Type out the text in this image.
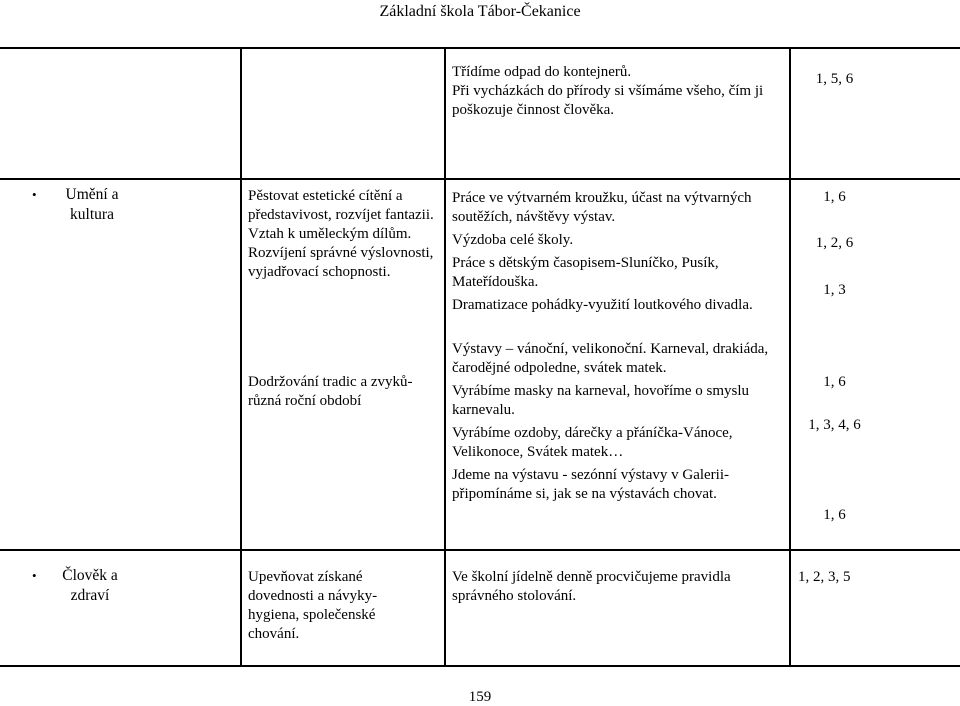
Základní škola Tábor-Čekanice

Třídíme odpad do kontejnerů.

Při vycházkách do přírody si všímáme všeho, čím ji poškozuje činnost člověka.

1, 5, 6
•	Umění a kultura

Pěstovat estetické cítění a představivost, rozvíjet fantazii.

Vztah k uměleckým dílům.

Rozvíjení správné výslovnosti, vyjadřovací schopnosti.

Dodržování tradic a zvyků-různá roční období

Práce ve výtvarném kroužku, účast na výtvarných soutěžích, návštěvy výstav.

Výzdoba celé školy.

Práce s dětským časopisem-Sluníčko, Pusík, Mateřídouška.

Dramatizace pohádky-využití loutkového divadla.

Výstavy – vánoční, velikonoční. Karneval, drakiáda, čarodějné odpoledne, svátek matek.

Vyrábíme masky na karneval, hovoříme o smyslu karnevalu.

Vyrábíme ozdoby, dárečky a přáníčka-Vánoce, Velikonoce, Svátek matek…

Jdeme na výstavu - sezónní výstavy v Galerii-připomínáme si, jak se na výstavách chovat.

1, 6
1, 2, 6
1, 3
1, 6
1, 3, 4, 6
1, 6
•	Člověk a zdraví
Upevňovat získané dovednosti a návyky-hygiena, společenské chování.
Ve školní jídelně denně procvičujeme pravidla správného stolování.
1, 2, 3, 5
159
